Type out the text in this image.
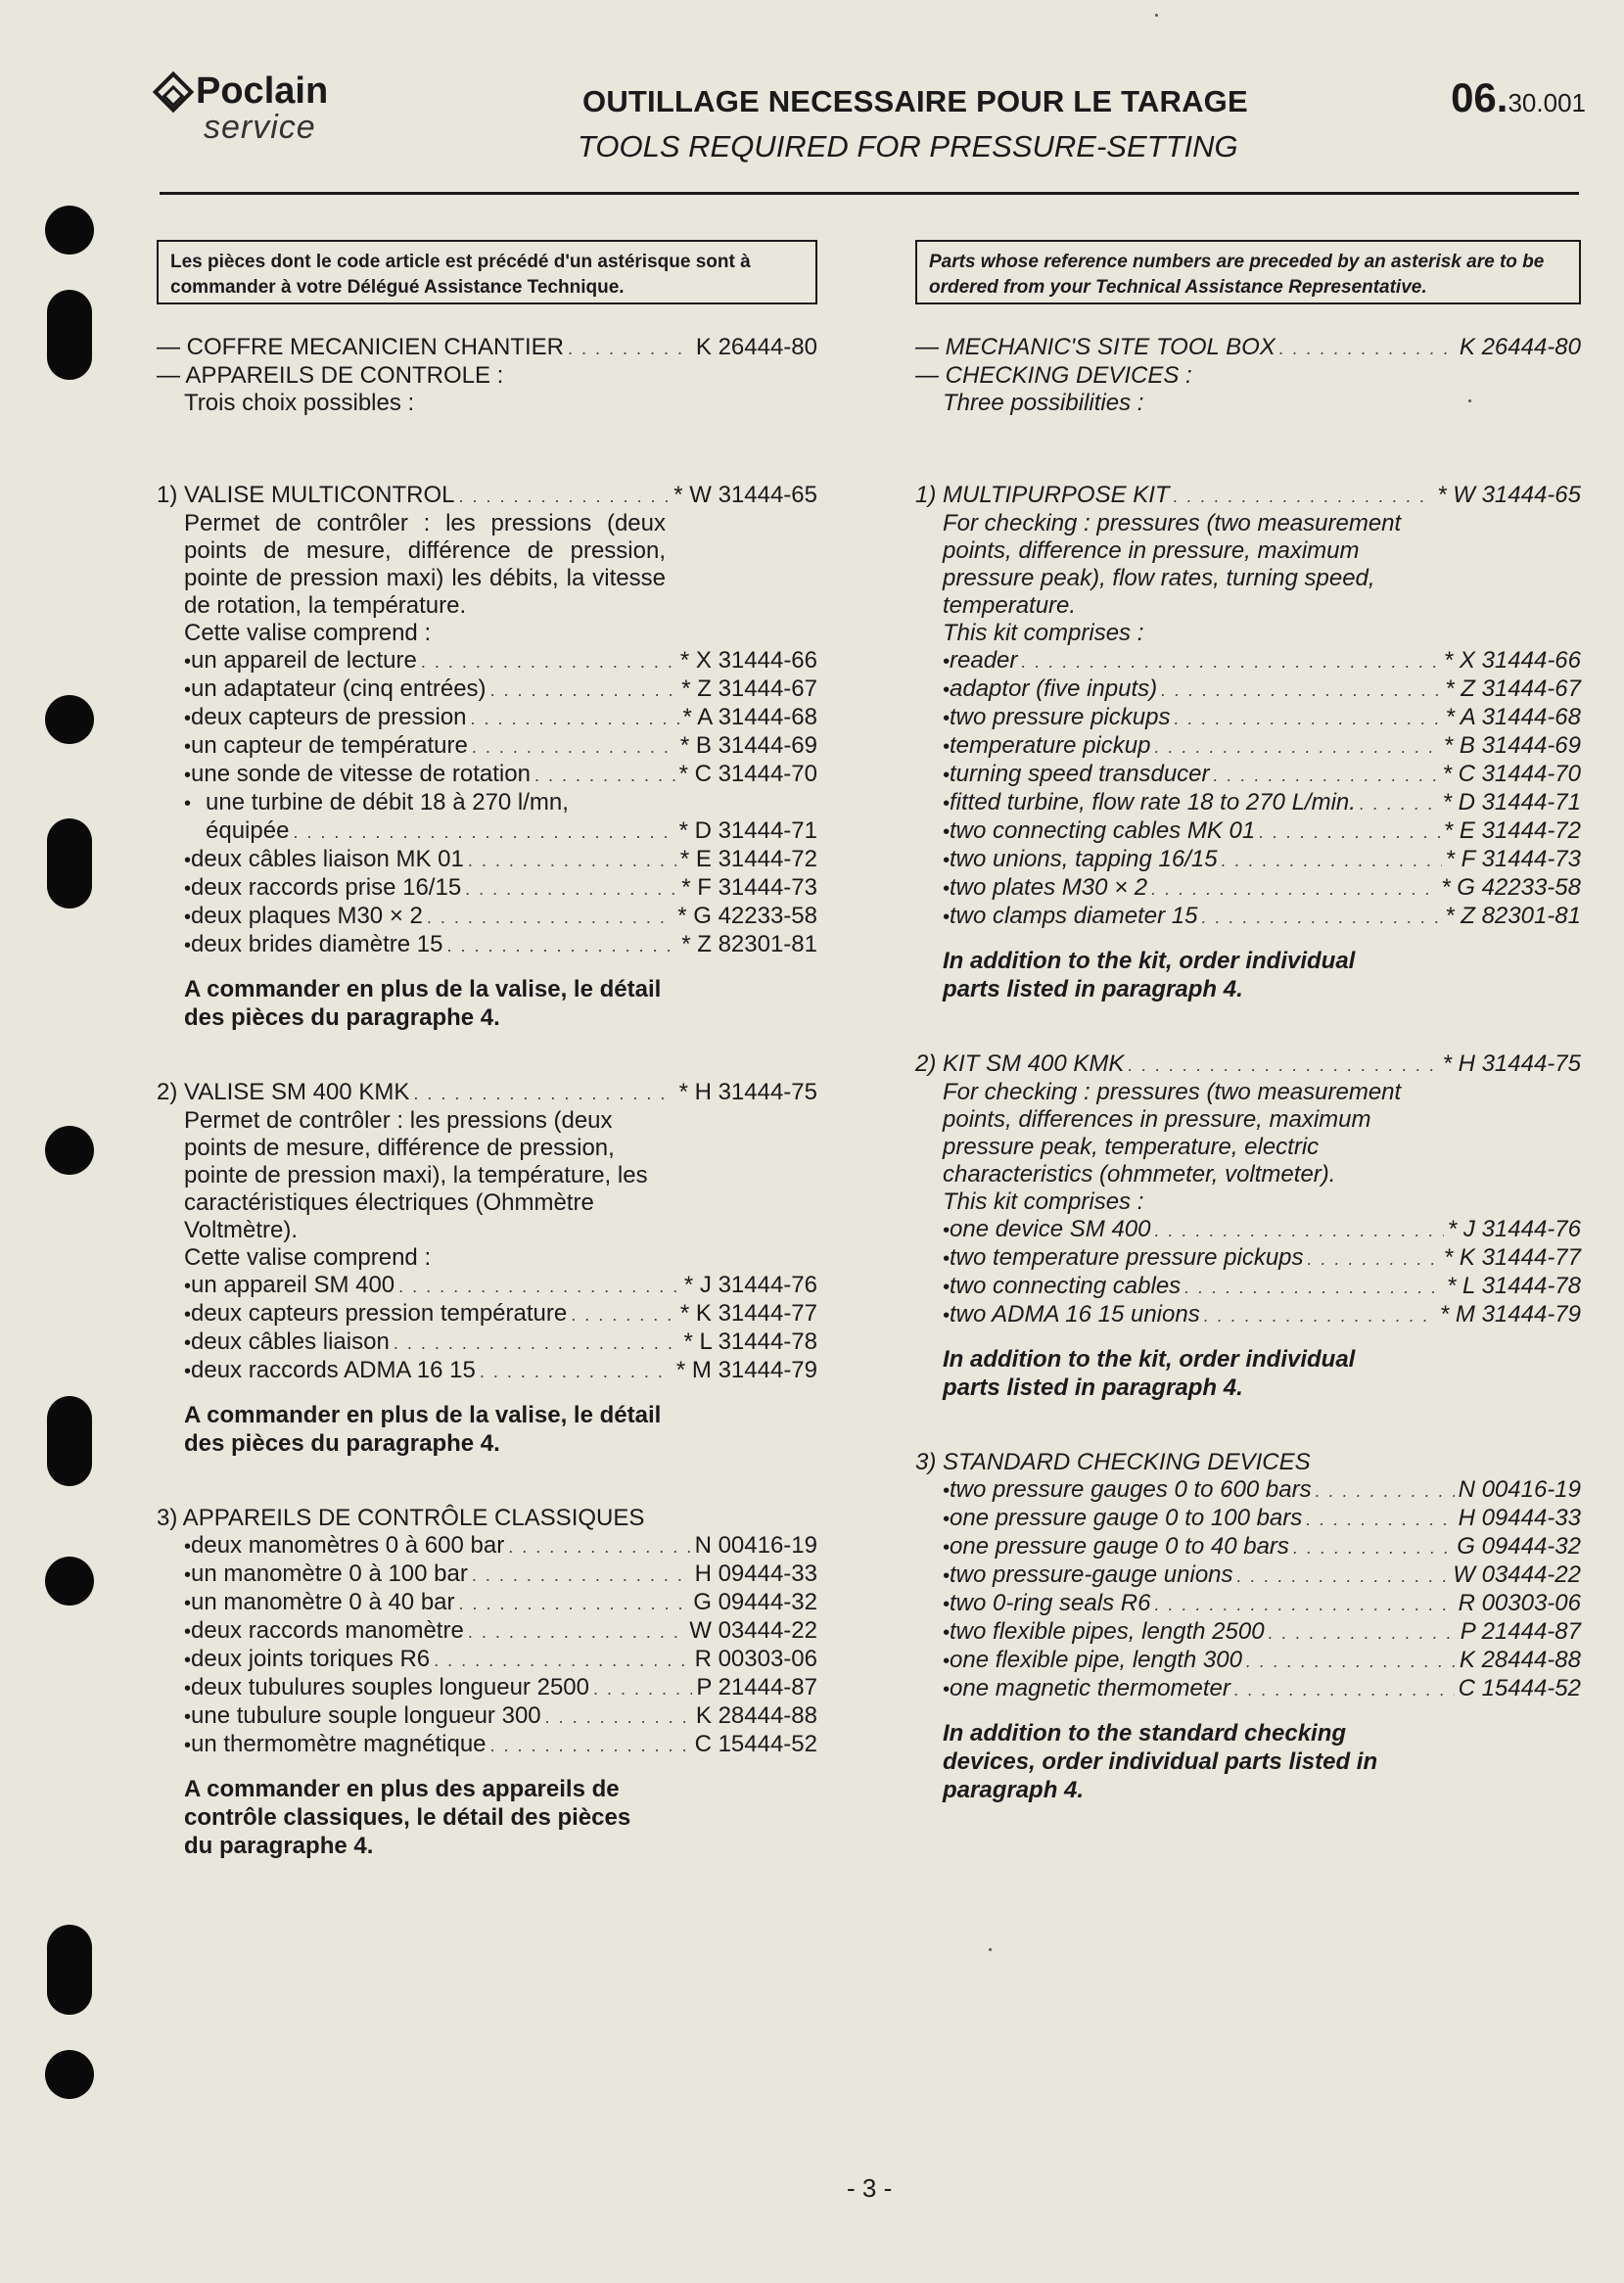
Poclain
service
OUTILLAGE NECESSAIRE POUR LE TARAGE
TOOLS REQUIRED FOR PRESSURE-SETTING
06.30.001
Les pièces dont le code article est précédé d'un astérisque sont à commander à votre Délégué Assistance Technique.
— COFFRE MECANICIEN CHANTIER . . .	K 26444-80
— APPAREILS DE CONTROLE :
Trois choix possibles :
1) VALISE MULTICONTROL . . .	* W 31444-65
Permet de contrôler : les pressions (deux points de mesure, différence de pression, pointe de pression maxi) les débits, la vitesse de rotation, la température.
Cette valise comprend :
• un appareil de lecture . . .	* X 31444-66
• un adaptateur (cinq entrées) . . .	* Z 31444-67
• deux capteurs de pression . . .	* A 31444-68
• un capteur de température . . .	* B 31444-69
• une sonde de vitesse de rotation . . .	* C 31444-70
• une turbine de débit 18 à 270 l/mn,
équipée . . .	* D 31444-71
• deux câbles liaison MK 01 . . .	* E 31444-72
• deux raccords prise 16/15 . . .	* F 31444-73
• deux plaques M30 × 2 . . .	* G 42233-58
• deux brides diamètre 15 . . .	* Z 82301-81
A commander en plus de la valise, le détail des pièces du paragraphe 4.
2) VALISE SM 400 KMK . . .	* H 31444-75
Permet de contrôler : les pressions (deux points de mesure, différence de pression, pointe de pression maxi), la température, les caractéristiques électriques (Ohmmètre Voltmètre).
Cette valise comprend :
• un appareil SM 400 . . .	* J 31444-76
• deux capteurs pression température . . .	* K 31444-77
• deux câbles liaison . . .	* L 31444-78
• deux raccords ADMA 16 15 . . .	* M 31444-79
A commander en plus de la valise, le détail des pièces du paragraphe 4.
3) APPAREILS DE CONTRÔLE CLASSIQUES
• deux manomètres 0 à 600 bar . . .	N 00416-19
• un manomètre 0 à 100 bar . . .	H 09444-33
• un manomètre 0 à 40 bar . . .	G 09444-32
• deux raccords manomètre . . .	W 03444-22
• deux joints toriques R6 . . .	R 00303-06
• deux tubulures souples longueur 2500 . . .	P 21444-87
• une tubulure souple longueur 300 . . .	K 28444-88
• un thermomètre magnétique . . .	C 15444-52
A commander en plus des appareils de contrôle classiques, le détail des pièces du paragraphe 4.
Parts whose reference numbers are preceded by an asterisk are to be ordered from your Technical Assistance Representative.
— MECHANIC'S SITE TOOL BOX . . .	K 26444-80
— CHECKING DEVICES :
Three possibilities :
1) MULTIPURPOSE KIT . . .	* W 31444-65
For checking : pressures (two measurement points, difference in pressure, maximum pressure peak), flow rates, turning speed, temperature.
This kit comprises :
• reader . . .	* X 31444-66
• adaptor (five inputs) . . .	* Z 31444-67
• two pressure pickups . . .	* A 31444-68
• temperature pickup . . .	* B 31444-69
• turning speed transducer . . .	* C 31444-70
• fitted turbine, flow rate 18 to 270 L/min. . . .	* D 31444-71
• two connecting cables MK 01 . . .	* E 31444-72
• two unions, tapping 16/15 . . .	* F 31444-73
• two plates M30 × 2 . . .	* G 42233-58
• two clamps diameter 15 . . .	* Z 82301-81
In addition to the kit, order individual parts listed in paragraph 4.
2) KIT SM 400 KMK . . .	* H 31444-75
For checking : pressures (two measurement points, differences in pressure, maximum pressure peak, temperature, electric characteristics (ohmmeter, voltmeter).
This kit comprises :
• one device SM 400 . . .	* J 31444-76
• two temperature pressure pickups . . .	* K 31444-77
• two connecting cables . . .	* L 31444-78
• two ADMA 16 15 unions . . .	* M 31444-79
In addition to the kit, order individual parts listed in paragraph 4.
3) STANDARD CHECKING DEVICES
• two pressure gauges 0 to 600 bars . . .	N 00416-19
• one pressure gauge 0 to 100 bars . . .	H 09444-33
• one pressure gauge 0 to 40 bars . . .	G 09444-32
• two pressure-gauge unions . . .	W 03444-22
• two 0-ring seals R6 . . .	R 00303-06
• two flexible pipes, length 2500 . . .	P 21444-87
• one flexible pipe, length 300 . . .	K 28444-88
• one magnetic thermometer . . .	C 15444-52
In addition to the standard checking devices, order individual parts listed in paragraph 4.
- 3 -
